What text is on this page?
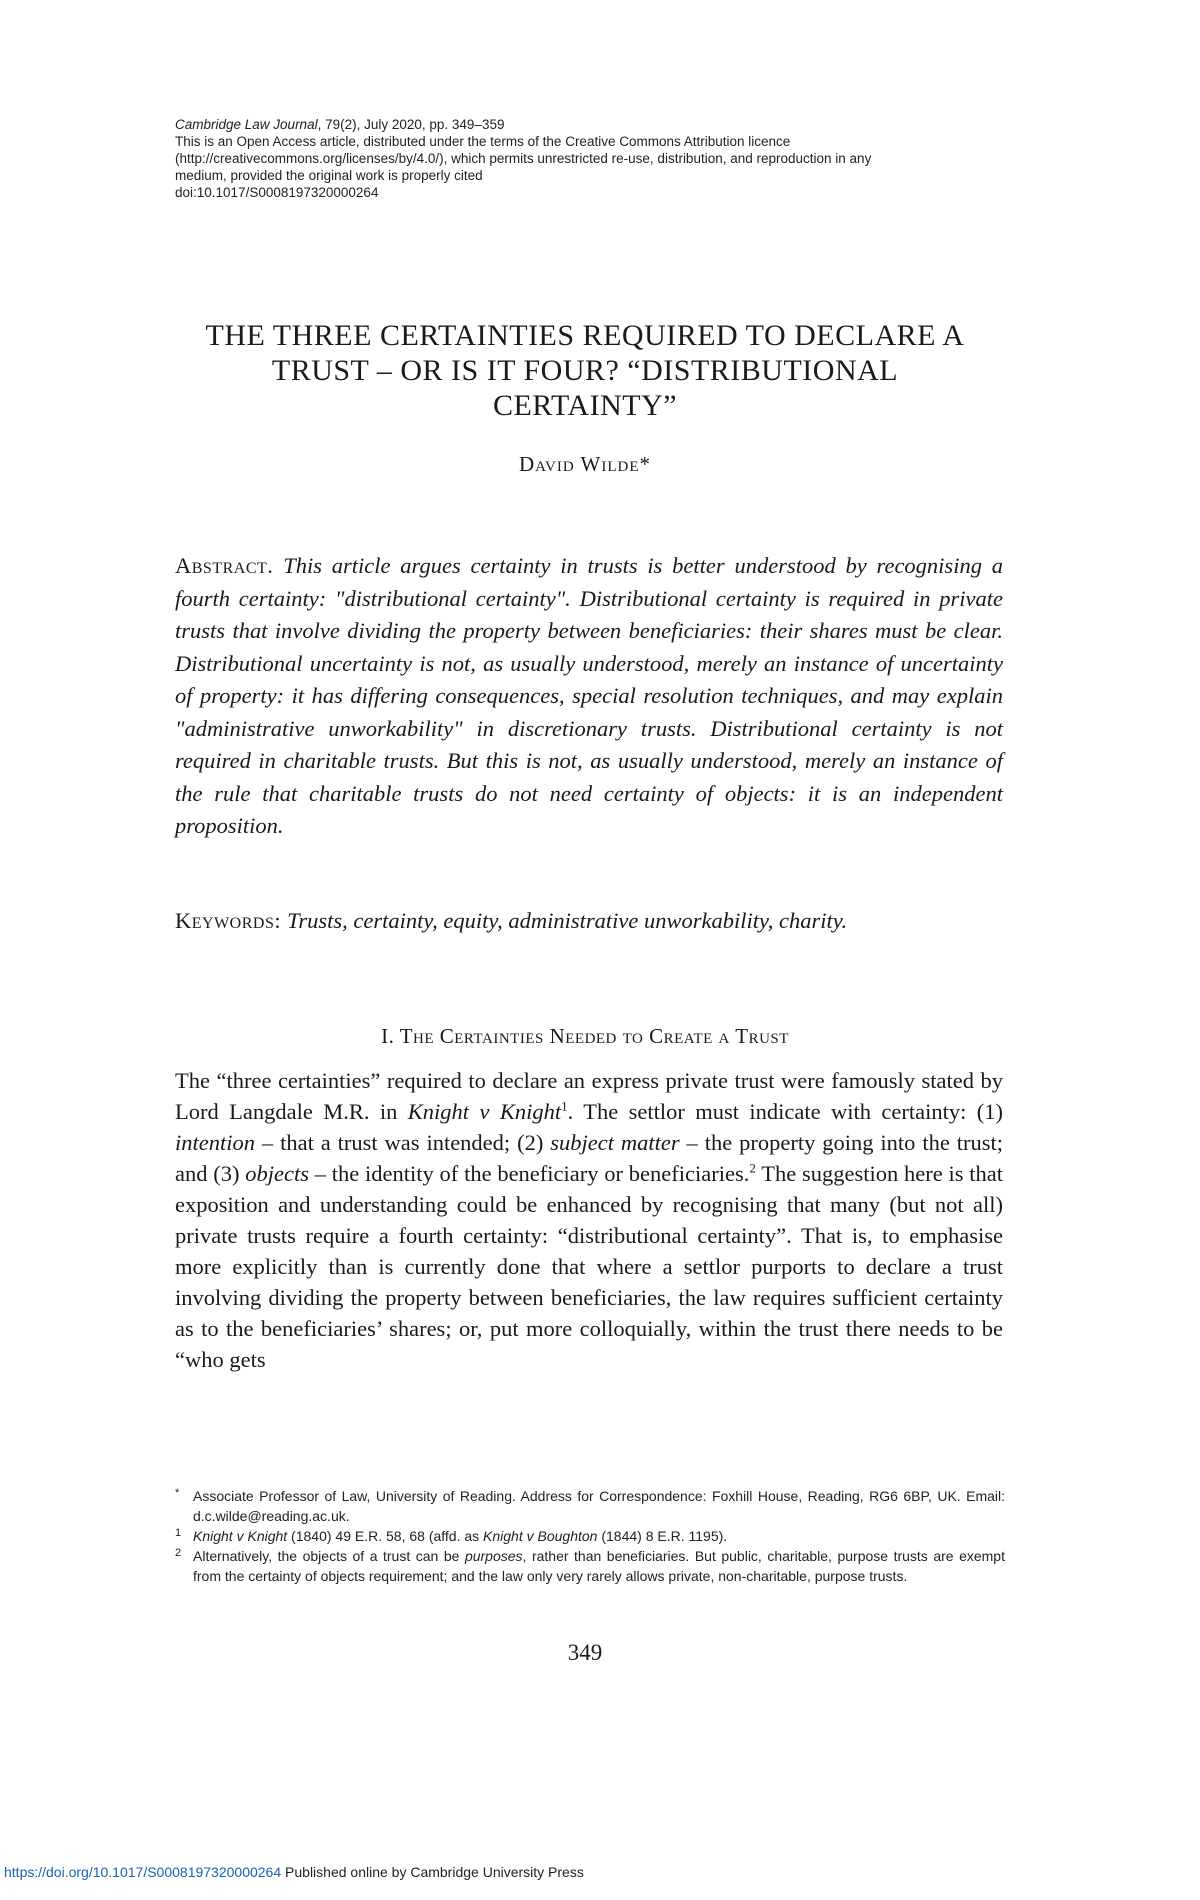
Cambridge Law Journal, 79(2), July 2020, pp. 349–359
This is an Open Access article, distributed under the terms of the Creative Commons Attribution licence
(http://creativecommons.org/licenses/by/4.0/), which permits unrestricted re-use, distribution, and reproduction in any
medium, provided the original work is properly cited
doi:10.1017/S0008197320000264
THE THREE CERTAINTIES REQUIRED TO DECLARE A
TRUST – OR IS IT FOUR? “DISTRIBUTIONAL
CERTAINTY”
David Wilde*
Abstract. This article argues certainty in trusts is better understood by recognising a fourth certainty: "distributional certainty". Distributional certainty is required in private trusts that involve dividing the property between beneficiaries: their shares must be clear. Distributional uncertainty is not, as usually understood, merely an instance of uncertainty of property: it has differing consequences, special resolution techniques, and may explain "administrative unworkability" in discretionary trusts. Distributional certainty is not required in charitable trusts. But this is not, as usually understood, merely an instance of the rule that charitable trusts do not need certainty of objects: it is an independent proposition.
Keywords: Trusts, certainty, equity, administrative unworkability, charity.
I. The Certainties Needed to Create a Trust

The “three certainties” required to declare an express private trust were famously stated by Lord Langdale M.R. in Knight v Knight$^1$. The settlor must indicate with certainty: (1) intention – that a trust was intended; (2) subject matter – the property going into the trust; and (3) objects – the identity of the beneficiary or beneficiaries.$^2$ The suggestion here is that exposition and understanding could be enhanced by recognising that many (but not all) private trusts require a fourth certainty: “distributional certainty”. That is, to emphasise more explicitly than is currently done that where a settlor purports to declare a trust involving dividing the property between beneficiaries, the law requires sufficient certainty as to the beneficiaries’ shares; or, put more colloquially, within the trust there needs to be “who gets

* Associate Professor of Law, University of Reading. Address for Correspondence: Foxhill House, Reading, RG6 6BP, UK. Email: d.c.wilde@reading.ac.uk.
1 Knight v Knight (1840) 49 E.R. 58, 68 (affd. as Knight v Boughton (1844) 8 E.R. 1195).
2 Alternatively, the objects of a trust can be purposes, rather than beneficiaries. But public, charitable, purpose trusts are exempt from the certainty of objects requirement; and the law only very rarely allows private, non-charitable, purpose trusts.
349
https://doi.org/10.1017/S0008197320000264 Published online by Cambridge University Press
